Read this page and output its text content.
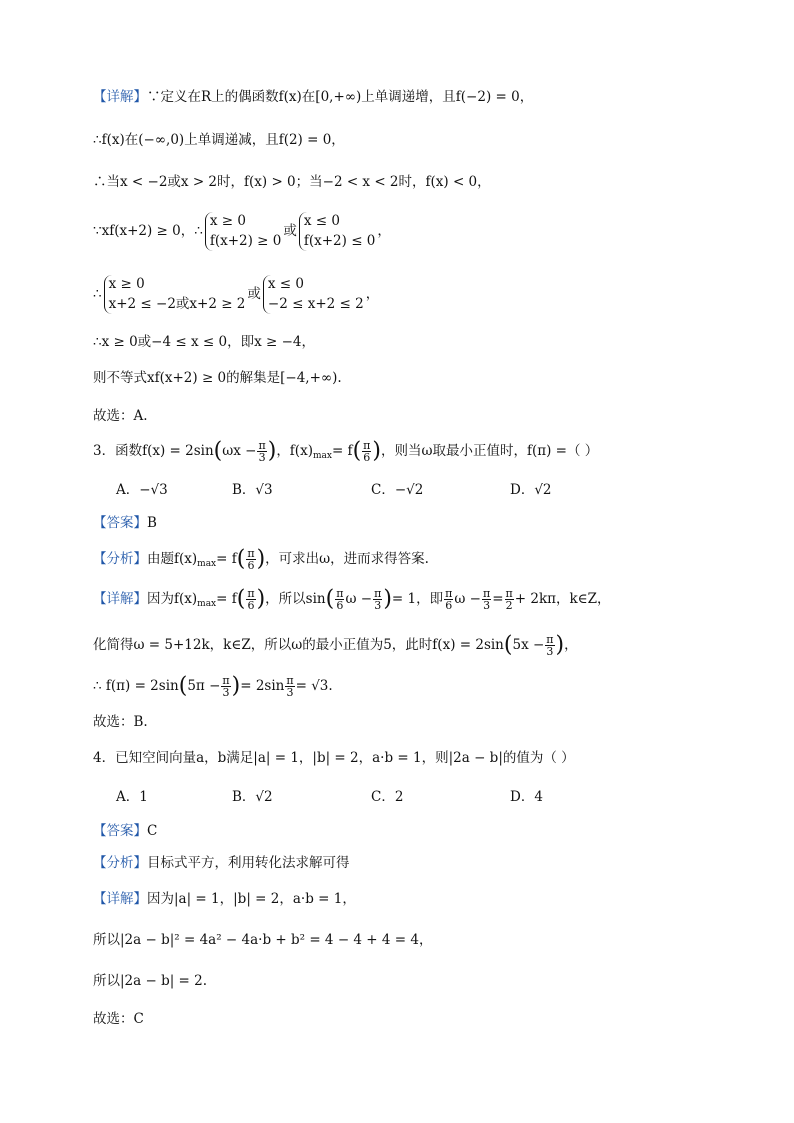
【详解】∵定义在R上的偶函数f(x)在[0,+∞)上单调递增，且f(−2) = 0，
∴f(x)在(−∞,0)上单调递减，且f(2) = 0，
∴当x < −2或x > 2时，f(x) > 0；当−2 < x < 2时，f(x) < 0，
∵xf(x+2) ≥ 0，∴
x ≥ 0
f(x+2) ≥ 0
或
x ≤ 0
f(x+2) ≤ 0
，
∴
x ≥ 0
x+2 ≤ −2或x+2 ≥ 2
或
x ≤ 0
−2 ≤ x+2 ≤ 2
，
∴x ≥ 0或−4 ≤ x ≤ 0，即x ≥ −4，
则不等式xf(x+2) ≥ 0的解集是[−4,+∞).
故选：A.
3．函数$f(x) = 2\sin(\omega x - \frac{\pi}{3}$ )，$f(x)_{max}= f( \frac{\pi}{6}$ )，则当ω取最小正值时，f(π) =（ ）
A．−√3	B．√3	C．−√2	D．√2
【答案】B
【分析】由题$f(x)_{max}= f( \frac{\pi}{6}$ )，可求出ω，进而求得答案.
【详解】因为$f(x)_{max}= f( \frac{\pi}{6}$ )，所以$\sin( \frac{\pi}{6}$ $\omega - \frac{\pi}{3}$ )= 1，即 $\frac{\pi}{6}$ $\omega - \frac{\pi}{3} = \frac{\pi}{2} + 2k\pi$，k∈Z，
化简得ω = 5+12k，k∈Z，所以ω的最小正值为5，此时$f(x) = 2\sin(5x - \frac{\pi}{3}$ )，
∴ $f(\pi) = 2\sin(5\pi - \frac{\pi}{3}$ )= $2\sin \frac{\pi}{3} = √3$.
故选：B.
4．已知空间向量a，b满足|a| = 1，|b| = 2，a·b = 1，则|2a − b|的值为（ ）
A．1	B．√2	C．2	D．4
【答案】C
【分析】目标式平方，利用转化法求解可得
【详解】因为|a| = 1，|b| = 2，a·b = 1，
所以|2a − b|² = 4a² − 4a·b + b² = 4 − 4 + 4 = 4，
所以|2a − b| = 2.
故选：C
